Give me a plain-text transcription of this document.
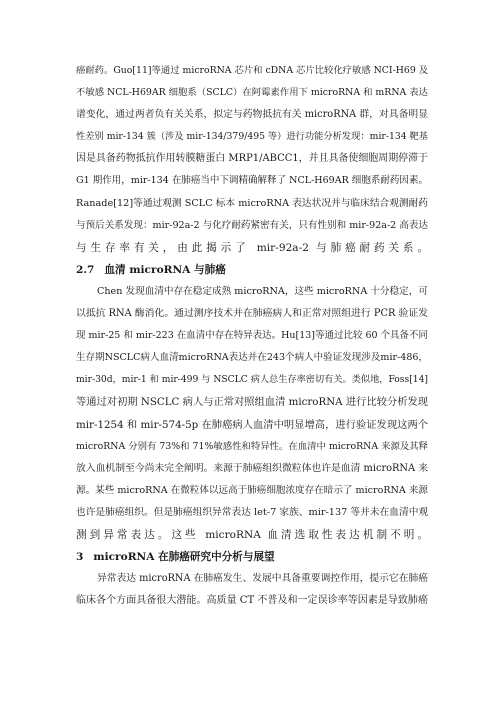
癌耐药。Guo[11]等通过 microRNA 芯片和 cDNA 芯片比较化疗敏感 NCI-H69 及
不敏感 NCL-H69AR 细胞系（SCLC）在阿霉素作用下 microRNA 和 mRNA 表达
谱变化，通过两者负有关关系，拟定与药物抵抗有关 microRNA 群，对具备明显
性差别 mir-134 簇（涉及 mir-134/379/495 等）进行功能分析发现：mir-134 靶基
因是具备药物抵抗作用转膜糖蛋白 MRP1/ABCC1，并且具备使细胞周期停滞于
G1 期作用，mir-134 在肺癌当中下调精确解释了 NCL-H69AR 细胞系耐药因素。
Ranade[12]等通过观测 SCLC 标本 microRNA 表达状况并与临床结合观测耐药
与预后关系发现：mir-92a-2 与化疗耐药紧密有关，只有性别和 mir-92a-2 高表达
与生存率有关，由此揭示了 mir-92a-2 与肺癌耐药关系。
2.7 血清 microRNA 与肺癌
Chen 发现血清中存在稳定成熟 microRNA，这些 microRNA 十分稳定，可
以抵抗 RNA 酶消化。通过测序技术并在肺癌病人和正常对照组进行 PCR 验证发
现 mir-25 和 mir-223 在血清中存在特异表达。Hu[13]等通过比较 60 个具备不同
生存期NSCLC病人血清microRNA表达并在243个病人中验证发现涉及mir-486，
mir-30d，mir-1 和 mir-499 与 NSCLC 病人总生存率密切有关。类似地，Foss[14]
等通过对初期 NSCLC 病人与正常对照组血清 microRNA 进行比较分析发现
mir-1254 和 mir-574-5p 在肺癌病人血清中明显增高，进行验证发现这两个
microRNA 分别有 73%和 71%敏感性和特异性。在血清中 microRNA 来源及其释
放入血机制至今尚未完全阐明。来源于肺癌组织微粒体也许是血清 microRNA 来
源。某些 microRNA 在微粒体以远高于肺癌细胞浓度存在暗示了 microRNA 来源
也许是肺癌组织。但是肺癌组织异常表达 let-7 家族、mir-137 等并未在血清中观
测到异常表达。这些 microRNA 血清选取性表达机制不明。
3 microRNA 在肺癌研究中分析与展望
异常表达 microRNA 在肺癌发生、发展中具备重要调控作用，提示它在肺癌
临床各个方面具备很大潜能。高质量 CT 不普及和一定误诊率等因素是导致肺癌
